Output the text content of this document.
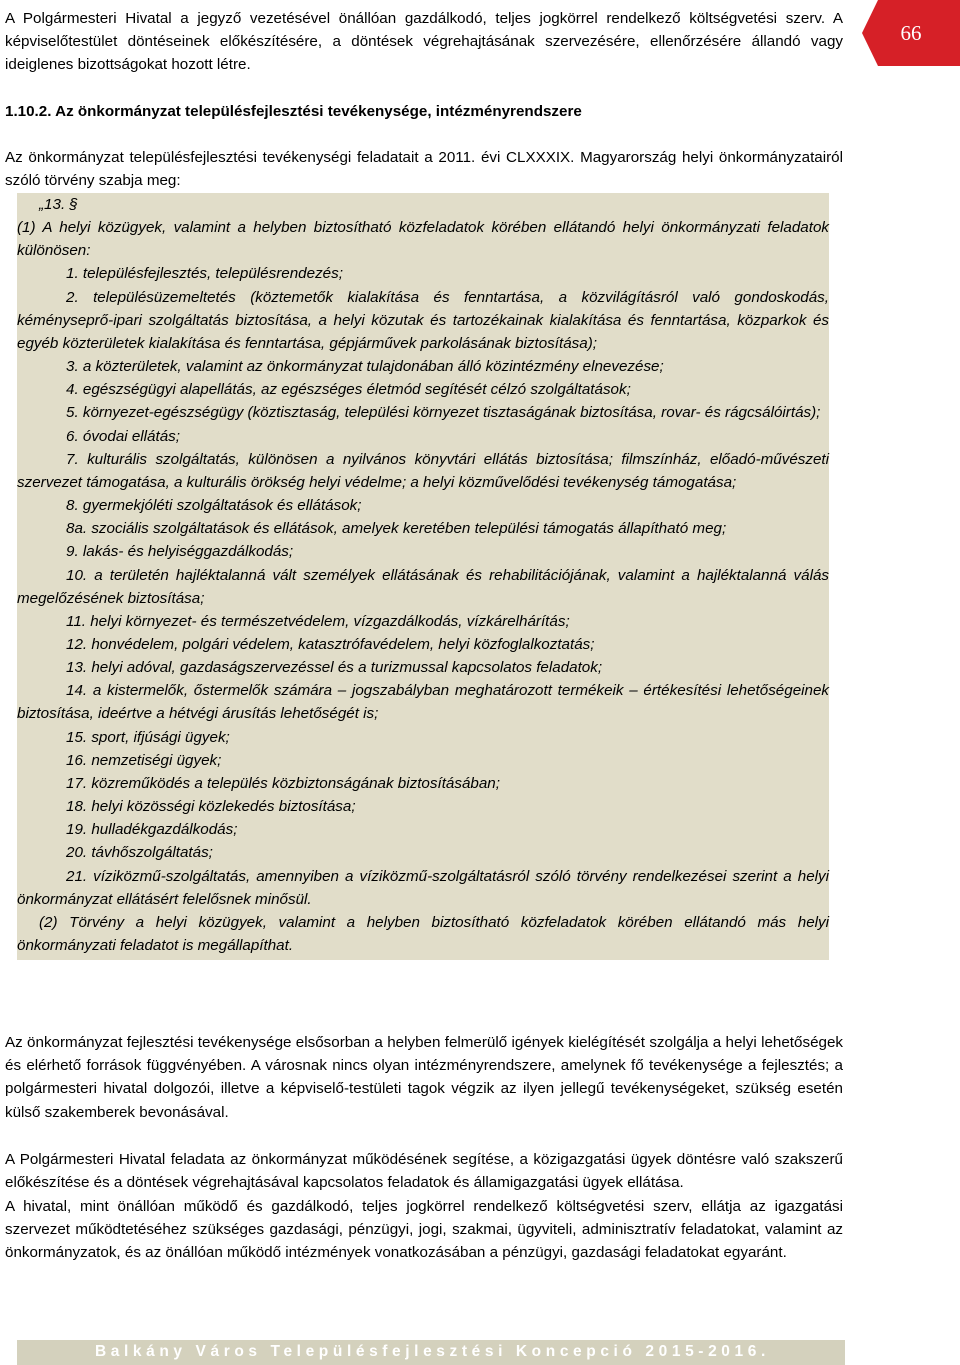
66

A Polgármesteri Hivatal a jegyző vezetésével önállóan gazdálkodó, teljes jogkörrel rendelkező költségvetési szerv. A képviselőtestület döntéseinek előkészítésére, a döntések végrehajtásának szervezésére, ellenőrzésére állandó vagy ideiglenes bizottságokat hozott létre.

1.10.2. Az önkormányzat településfejlesztési tevékenysége, intézményrendszere

Az önkormányzat településfejlesztési tevékenységi feladatait a 2011. évi CLXXXIX. Magyarország helyi önkormányzatairól szóló törvény szabja meg:

„13. §

(1) A helyi közügyek, valamint a helyben biztosítható közfeladatok körében ellátandó helyi önkormányzati feladatok különösen:

1. településfejlesztés, településrendezés;

2. településüzemeltetés (köztemetők kialakítása és fenntartása, a közvilágításról való gondoskodás, kéményseprő-ipari szolgáltatás biztosítása, a helyi közutak és tartozékainak kialakítása és fenntartása, közparkok és egyéb közterületek kialakítása és fenntartása, gépjárművek parkolásának biztosítása);

3. a közterületek, valamint az önkormányzat tulajdonában álló közintézmény elnevezése;

4. egészségügyi alapellátás, az egészséges életmód segítését célzó szolgáltatások;

5. környezet-egészségügy (köztisztaság, települési környezet tisztaságának biztosítása, rovar- és rágcsálóirtás);

6. óvodai ellátás;

7. kulturális szolgáltatás, különösen a nyilvános könyvtári ellátás biztosítása; filmszínház, előadó-művészeti szervezet támogatása, a kulturális örökség helyi védelme; a helyi közművelődési tevékenység támogatása;

8. gyermekjóléti szolgáltatások és ellátások;

8a. szociális szolgáltatások és ellátások, amelyek keretében települési támogatás állapítható meg;

9. lakás- és helyiséggazdálkodás;

10. a területén hajléktalanná vált személyek ellátásának és rehabilitációjának, valamint a hajléktalanná válás megelőzésének biztosítása;

11. helyi környezet- és természetvédelem, vízgazdálkodás, vízkárelhárítás;

12. honvédelem, polgári védelem, katasztrófavédelem, helyi közfoglalkoztatás;

13. helyi adóval, gazdaságszervezéssel és a turizmussal kapcsolatos feladatok;

14. a kistermelők, őstermelők számára – jogszabályban meghatározott termékeik – értékesítési lehetőségeinek biztosítása, ideértve a hétvégi árusítás lehetőségét is;

15. sport, ifjúsági ügyek;

16. nemzetiségi ügyek;

17. közreműködés a település közbiztonságának biztosításában;

18. helyi közösségi közlekedés biztosítása;

19. hulladékgazdálkodás;

20. távhőszolgáltatás;

21. víziközmű-szolgáltatás, amennyiben a víziközmű-szolgáltatásról szóló törvény rendelkezései szerint a helyi önkormányzat ellátásért felelősnek minősül.

(2) Törvény a helyi közügyek, valamint a helyben biztosítható közfeladatok körében ellátandó más helyi önkormányzati feladatot is megállapíthat.

Az önkormányzat fejlesztési tevékenysége elsősorban a helyben felmerülő igények kielégítését szolgálja a helyi lehetőségek és elérhető források függvényében. A városnak nincs olyan intézményrendszere, amelynek fő tevékenysége a fejlesztés; a polgármesteri hivatal dolgozói, illetve a képviselő-testületi tagok végzik az ilyen jellegű tevékenységeket, szükség esetén külső szakemberek bevonásával.

A Polgármesteri Hivatal feladata az önkormányzat működésének segítése, a közigazgatási ügyek döntésre való szakszerű előkészítése és a döntések végrehajtásával kapcsolatos feladatok és államigazgatási ügyek ellátása.

A hivatal, mint önállóan működő és gazdálkodó, teljes jogkörrel rendelkező költségvetési szerv, ellátja az igazgatási szervezet működtetéséhez szükséges gazdasági, pénzügyi, jogi, szakmai, ügyviteli, adminisztratív feladatokat, valamint az önkormányzatok, és az önállóan működő intézmények vonatkozásában a pénzügyi, gazdasági feladatokat egyaránt.

Balkány Város Településfejlesztési Koncepció 2015-2016.
